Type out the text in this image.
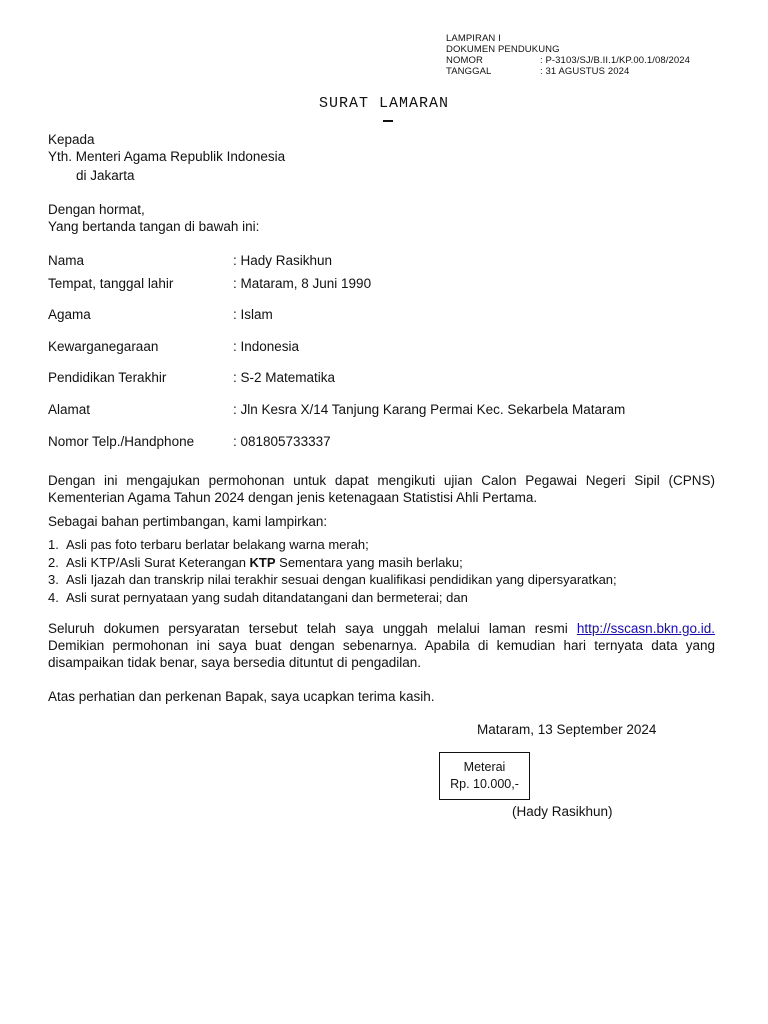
LAMPIRAN I
DOKUMEN PENDUKUNG
NOMOR	: P-3103/SJ/B.II.1/KP.00.1/08/2024
TANGGAL	: 31 AGUSTUS 2024
SURAT LAMARAN
Kepada
Yth. Menteri Agama Republik Indonesia
di Jakarta
Dengan hormat,
Yang bertanda tangan di bawah ini:
Nama	: Hady Rasikhun
Tempat, tanggal lahir	: Mataram, 8 Juni 1990
Agama	: Islam
Kewarganegaraan	: Indonesia
Pendidikan Terakhir	: S-2 Matematika
Alamat	: Jln Kesra X/14 Tanjung Karang Permai Kec. Sekarbela Mataram
Nomor Telp./Handphone	: 081805733337
Dengan ini mengajukan permohonan untuk dapat mengikuti ujian Calon Pegawai Negeri Sipil (CPNS) Kementerian Agama Tahun 2024 dengan jenis ketenagaan Statistisi Ahli Pertama.
Sebagai bahan pertimbangan, kami lampirkan:
1. Asli pas foto terbaru berlatar belakang warna merah;
2. Asli KTP/Asli Surat Keterangan KTP Sementara yang masih berlaku;
3. Asli Ijazah dan transkrip nilai terakhir sesuai dengan kualifikasi pendidikan yang dipersyaratkan;
4. Asli surat pernyataan yang sudah ditandatangani dan bermeterai; dan
Seluruh dokumen persyaratan tersebut telah saya unggah melalui laman resmi http://sscasn.bkn.go.id. Demikian permohonan ini saya buat dengan sebenarnya. Apabila di kemudian hari ternyata data yang disampaikan tidak benar, saya bersedia dituntut di pengadilan.
Atas perhatian dan perkenan Bapak, saya ucapkan terima kasih.
Mataram, 13 September 2024
Meterai
Rp. 10.000,-
(Hady Rasikhun)
